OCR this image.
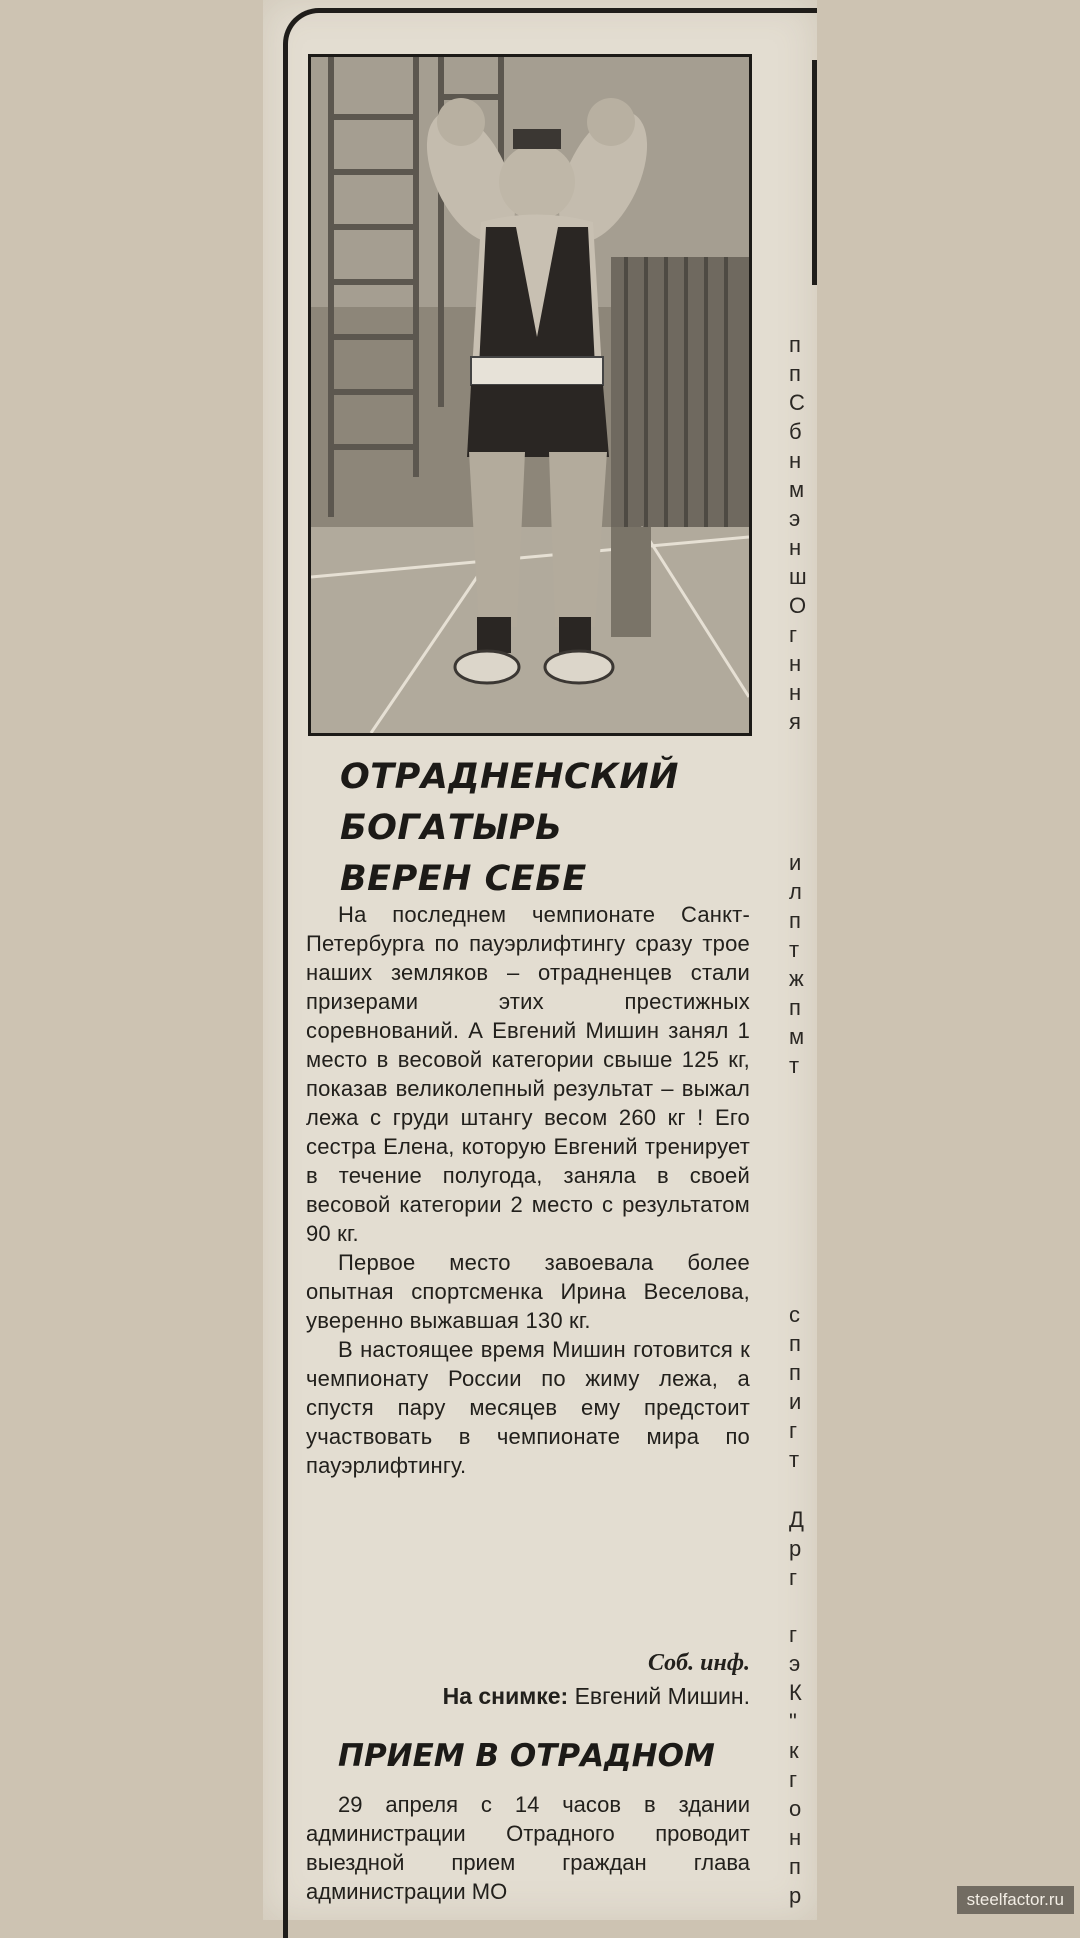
ОТРАДНЕНСКИЙ
БОГАТЫРЬ
ВЕРЕН СЕБЕ

На последнем чемпионате Санкт-Петербурга по пауэрлифтингу сразу трое наших земляков – отрадненцев стали призерами этих престижных соревнований. А Евгений Мишин занял 1 место в весовой категории свыше 125 кг, показав великолепный результат – выжал лежа с груди штангу весом 260 кг ! Его сестра Елена, которую Евгений тренирует в течение полугода, заняла в своей весовой категории 2 место с результатом 90 кг.

Первое место завоевала более опытная спортсменка Ирина Веселова, уверенно выжавшая 130 кг.

В настоящее время Мишин готовится к чемпионату России по жиму лежа, а спустя пару месяцев ему предстоит участвовать в чемпионате мира по пауэрлифтингу.

Соб. инф.
На снимке: Евгений Мишин.
ПРИЕМ В ОТРАДНОМ

29 апреля с 14 часов в здании администрации Отрадного проводит выездной прием граждан глава администрации МО

п
п
С
б
н
м
э
н
ш
О
г
н
н
я
и
л
п
т
ж
п
м
т
с
п
п
и
г
т
Д
р
г
г
э
К
"
к
г
о
н
п
р	steelfactor.ru
